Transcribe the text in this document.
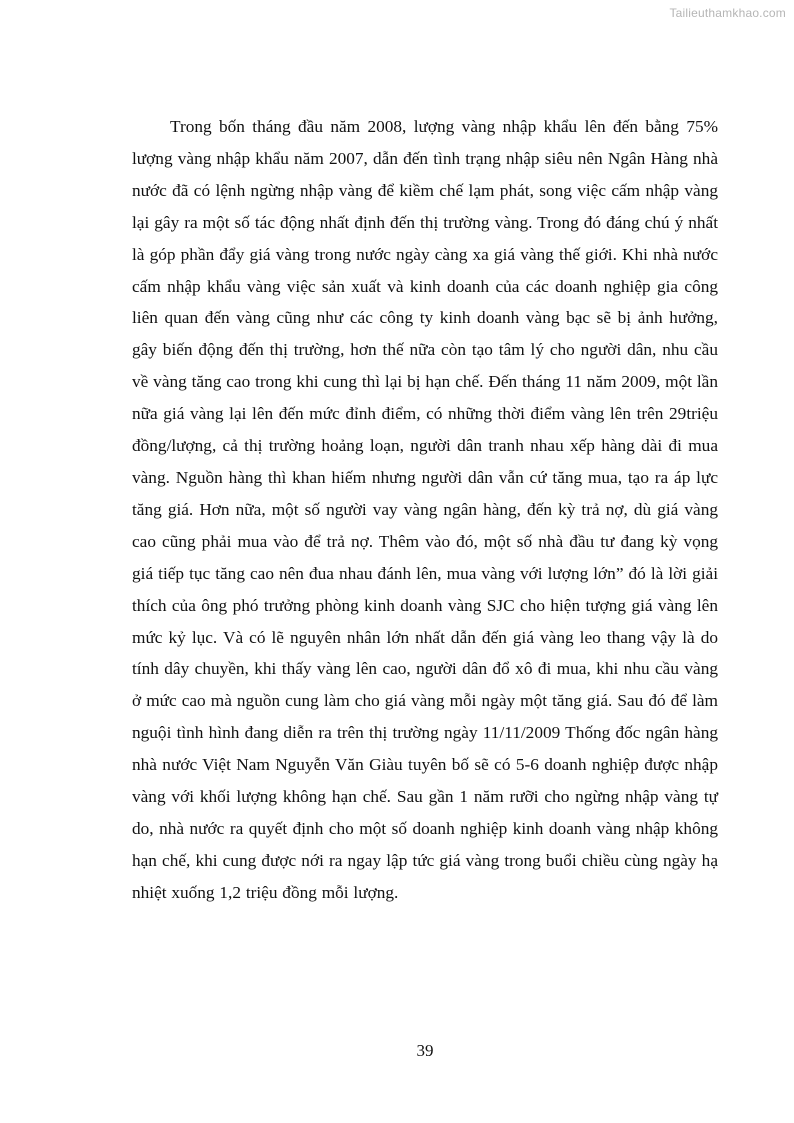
Tailieuthamkhao.com

Trong bốn tháng đầu năm 2008, lượng vàng nhập khẩu lên đến bằng 75% lượng vàng nhập khẩu năm 2007, dẫn đến tình trạng nhập siêu nên Ngân Hàng nhà nước đã có lệnh ngừng nhập vàng để kiềm chế lạm phát, song việc cấm nhập vàng lại gây ra một số tác động nhất định đến thị trường vàng. Trong đó đáng chú ý nhất là góp phần đẩy giá vàng trong nước ngày càng xa giá vàng thế giới. Khi nhà nước cấm nhập khẩu vàng việc sản xuất và kinh doanh của các doanh nghiệp gia công liên quan đến vàng cũng như các công ty kinh doanh vàng bạc sẽ bị ảnh hưởng, gây biến động đến thị trường, hơn thế nữa còn tạo tâm lý cho người dân, nhu cầu về vàng tăng cao trong khi cung thì lại bị hạn chế. Đến tháng 11 năm 2009, một lần nữa giá vàng lại lên đến mức đỉnh điểm, có những thời điểm vàng lên trên 29triệu đồng/lượng, cả thị trường hoảng loạn, người dân tranh nhau xếp hàng dài đi mua vàng. Nguồn hàng thì khan hiếm nhưng người dân vẫn cứ tăng mua, tạo ra áp lực tăng giá. Hơn nữa, một số người vay vàng ngân hàng, đến kỳ trả nợ, dù giá vàng cao cũng phải mua vào để trả nợ. Thêm vào đó, một số nhà đầu tư đang kỳ vọng giá tiếp tục tăng cao nên đua nhau đánh lên, mua vàng với lượng lớn” đó là lời giải thích của ông phó trưởng phòng kinh doanh vàng SJC cho hiện tượng giá vàng lên mức kỷ lục. Và có lẽ nguyên nhân lớn nhất dẫn đến giá vàng leo thang vậy là do tính dây chuyền, khi thấy vàng lên cao, người dân đổ xô đi mua, khi nhu cầu vàng ở mức cao mà nguồn cung làm cho giá vàng mỗi ngày một tăng giá. Sau đó để làm nguội tình hình đang diễn ra trên thị trường ngày 11/11/2009 Thống đốc ngân hàng nhà nước Việt Nam Nguyễn Văn Giàu tuyên bố sẽ có 5-6 doanh nghiệp được nhập vàng với khối lượng không hạn chế. Sau gần 1 năm rưỡi cho ngừng nhập vàng tự do, nhà nước ra quyết định cho một số doanh nghiệp kinh doanh vàng nhập không hạn chế, khi cung được nới ra ngay lập tức giá vàng trong buổi chiều cùng ngày hạ nhiệt xuống 1,2 triệu đồng mỗi lượng.

39
